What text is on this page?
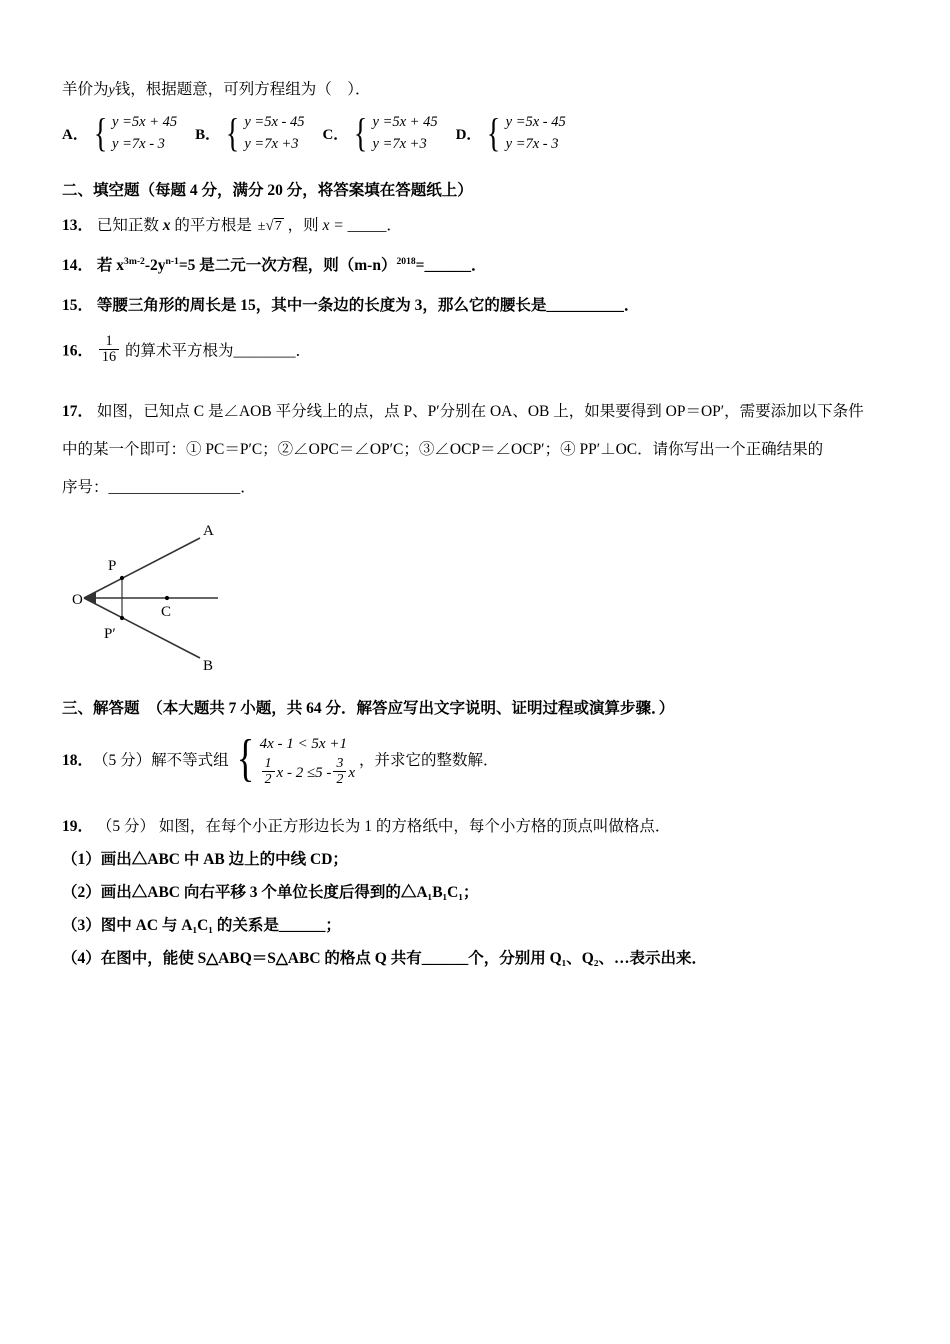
羊价为y钱，根据题意，可列方程组为（　）．
A． { y =5x + 45
y =7x - 3
B． { y =5x - 45
y =7x +3
C． { y =5x + 45
y =7x +3
D． { y =5x - 45
y =7x - 3
二、填空题（每题 4 分，满分 20 分，将答案填在答题纸上）
13． 已知正数 x 的平方根是 ±√7 ，则 x = _____．
14． 若 $x^{3m-2}-2y^{n-1}=5$ 是二元一次方程，则$(m-n)^{2018}=\_\_\_\_\_\_$．
15． 等腰三角形的周长是 15，其中一条边的长度为 3，那么它的腰长是__________．
16． $\frac{1}{16}$ 的算术平方根为________．
17． 如图，已知点 C 是∠AOB 平分线上的点，点 P、P′分别在 OA、OB 上，如果要得到 OP＝OP′，需要添加以下条件
中的某一个即可：① PC＝P′C；②∠OPC＝∠OP′C；③∠OCP＝∠OCP′；④ PP′⊥OC．请你写出一个正确结果的
序号：_________________．
O
A
B
P
P′
C
三、解答题　（本大题共 7 小题，共 64 分．解答应写出文字说明、证明过程或演算步骤．）
18． （5 分） 解不等式组 { 4x - 1 < 5x +1
$\frac{1}{2}$ $x - 2 \le 5 - \frac{3}{2}$ x
，并求它的整数解．
19． （5 分） 如图，在每个小正方形边长为 1 的方格纸中，每个小方格的顶点叫做格点．
（1）画出△ABC 中 AB 边上的中线 CD；
（2）画出△ABC 向右平移 3 个单位长度后得到的△A₁B₁C₁；
（3）图中 AC 与 A₁C₁ 的关系是______；
（4）在图中，能使 S△ABQ＝S△ABC 的格点 Q 共有______个，分别用 Q₁、Q₂、…表示出来．
